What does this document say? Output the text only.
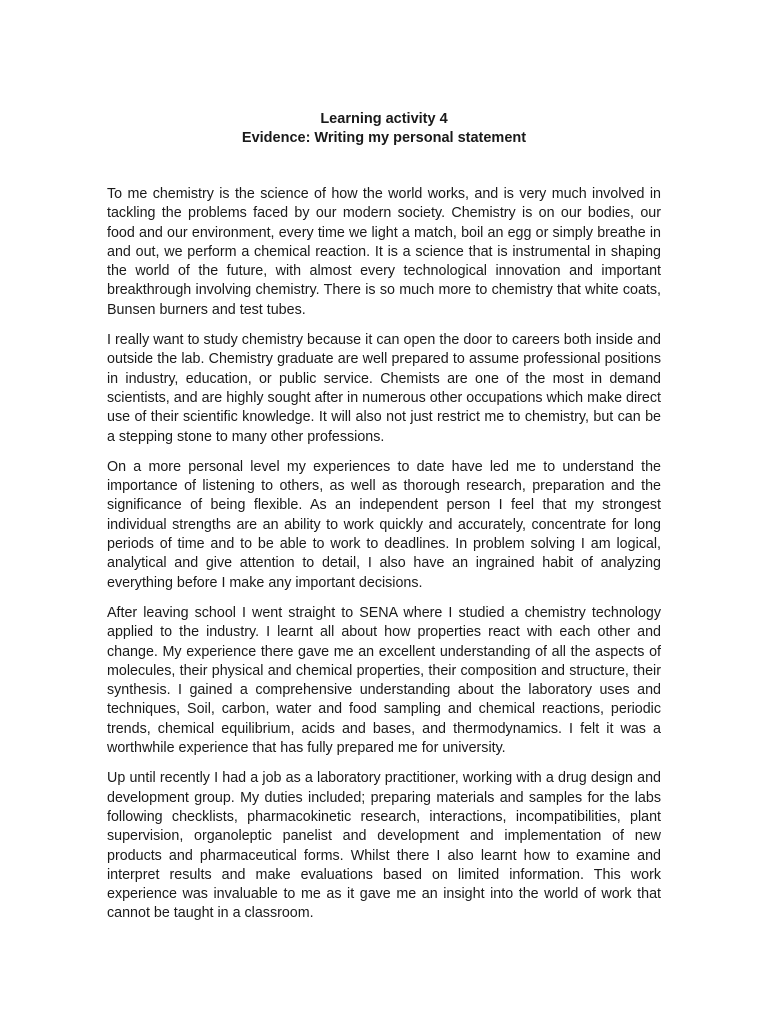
Learning activity 4

Evidence: Writing my personal statement

To me chemistry is the science of how the world works, and is very much involved in tackling the problems faced by our modern society. Chemistry is on our bodies, our food and our environment, every time we light a match, boil an egg or simply breathe in and out, we perform a chemical reaction. It is a science that is instrumental in shaping the world of the future, with almost every technological innovation and important breakthrough involving chemistry. There is so much more to chemistry that white coats, Bunsen burners and test tubes.

I really want to study chemistry because it can open the door to careers both inside and outside the lab. Chemistry graduate are well prepared to assume professional positions in industry, education, or public service. Chemists are one of the most in demand scientists, and are highly sought after in numerous other occupations which make direct use of their scientific knowledge. It will also not just restrict me to chemistry, but can be a stepping stone to many other professions.

On a more personal level my experiences to date have led me to understand the importance of listening to others, as well as thorough research, preparation and the significance of being flexible. As an independent person I feel that my strongest individual strengths are an ability to work quickly and accurately, concentrate for long periods of time and to be able to work to deadlines. In problem solving I am logical, analytical and give attention to detail, I also have an ingrained habit of analyzing everything before I make any important decisions.

After leaving school I went straight to SENA where I studied a chemistry technology applied to the industry. I learnt all about how properties react with each other and change. My experience there gave me an excellent understanding of all the aspects of molecules, their physical and chemical properties, their composition and structure, their synthesis. I gained a comprehensive understanding about the laboratory uses and techniques, Soil, carbon, water and food sampling and chemical reactions, periodic trends, chemical equilibrium, acids and bases, and thermodynamics. I felt it was a worthwhile experience that has fully prepared me for university.

Up until recently I had a job as a laboratory practitioner, working with a drug design and development group. My duties included; preparing materials and samples for the labs following checklists, pharmacokinetic research, interactions, incompatibilities, plant supervision, organoleptic panelist and development and implementation of new products and pharmaceutical forms. Whilst there I also learnt how to examine and interpret results and make evaluations based on limited information. This work experience was invaluable to me as it gave me an insight into the world of work that cannot be taught in a classroom.
